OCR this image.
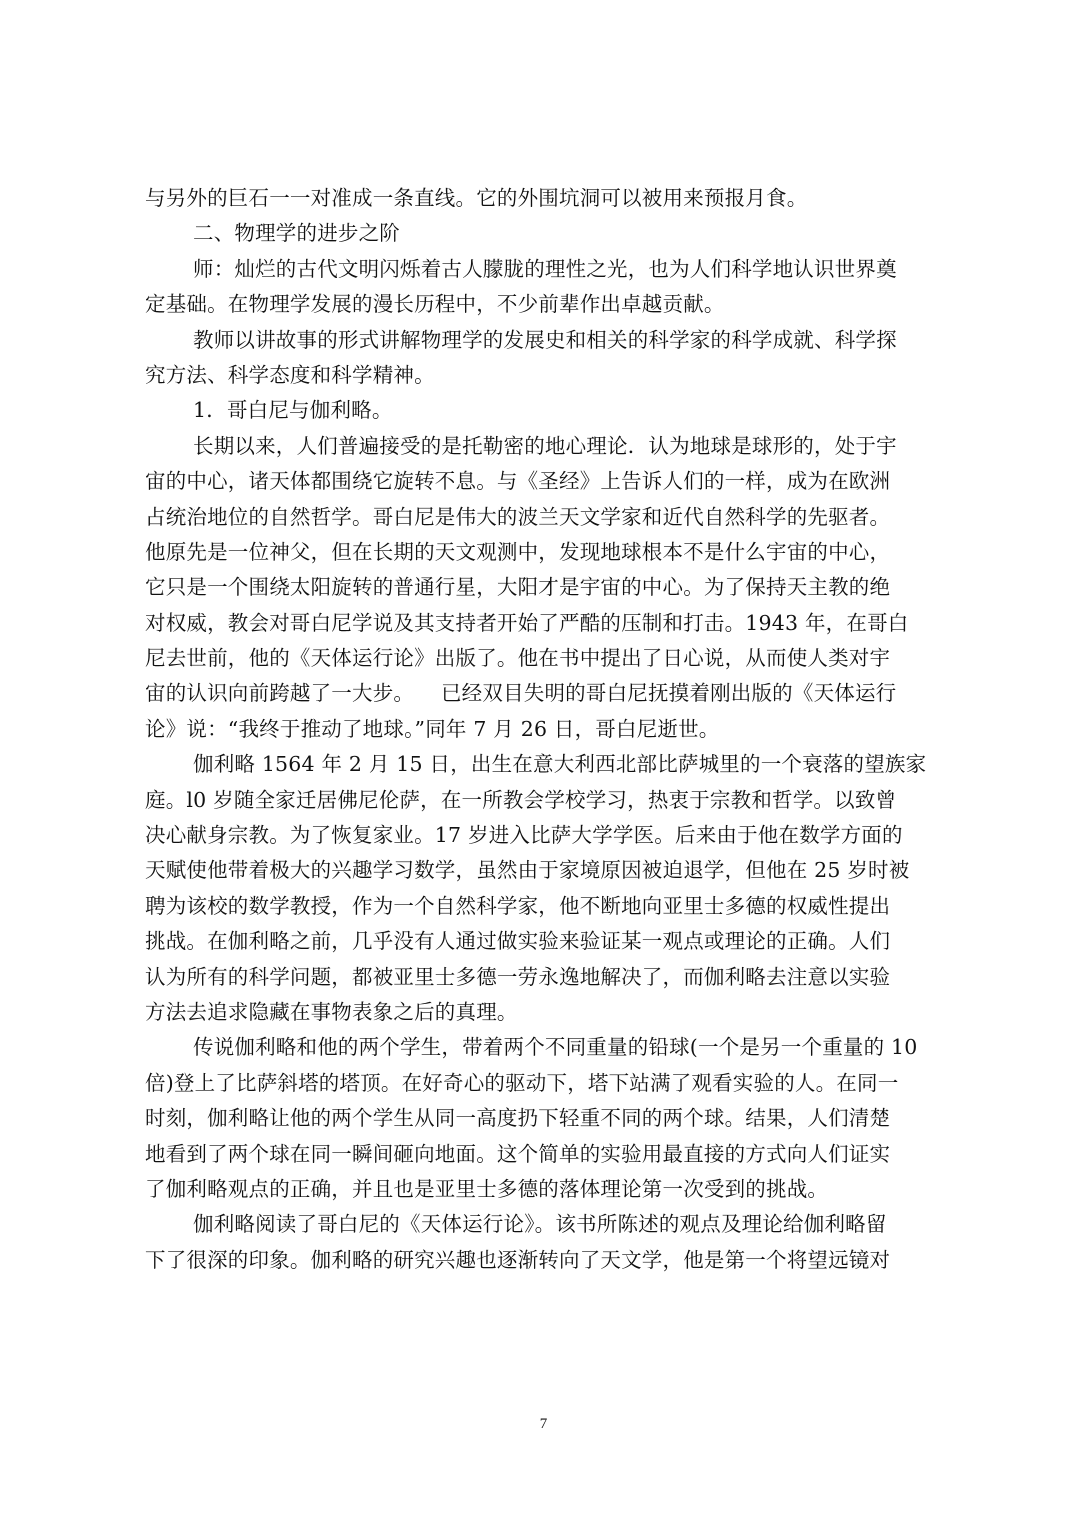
与另外的巨石一一对准成一条直线。它的外围坑洞可以被用来预报月食。
二、物理学的进步之阶
师：灿烂的古代文明闪烁着古人朦胧的理性之光，也为人们科学地认识世界奠
定基础。在物理学发展的漫长历程中，不少前辈作出卓越贡献。
教师以讲故事的形式讲解物理学的发展史和相关的科学家的科学成就、科学探
究方法、科学态度和科学精神。
1．哥白尼与伽利略。
长期以来，人们普遍接受的是托勒密的地心理论．认为地球是球形的，处于宇
宙的中心，诸天体都围绕它旋转不息。与《圣经》上告诉人们的一样，成为在欧洲
占统治地位的自然哲学。哥白尼是伟大的波兰天文学家和近代自然科学的先驱者。
他原先是一位神父，但在长期的天文观测中，发现地球根本不是什么宇宙的中心，
它只是一个围绕太阳旋转的普通行星，大阳才是宇宙的中心。为了保持天主教的绝
对权威，教会对哥白尼学说及其支持者开始了严酷的压制和打击。1943 年，在哥白
尼去世前，他的《天体运行论》出版了。他在书中提出了日心说，从而使人类对宇
宙的认识向前跨越了一大步。    已经双目失明的哥白尼抚摸着刚出版的《天体运行
论》说：“我终于推动了地球。”同年 7 月 26 日，哥白尼逝世。
伽利略 1564 年 2 月 15 日，出生在意大利西北部比萨城里的一个衰落的望族家
庭。l0 岁随全家迁居佛尼伦萨，在一所教会学校学习，热衷于宗教和哲学。以致曾
决心献身宗教。为了恢复家业。17 岁进入比萨大学学医。后来由于他在数学方面的
天赋使他带着极大的兴趣学习数学，虽然由于家境原因被迫退学，但他在 25 岁时被
聘为该校的数学教授，作为一个自然科学家，他不断地向亚里士多德的权威性提出
挑战。在伽利略之前，几乎没有人通过做实验来验证某一观点或理论的正确。人们
认为所有的科学问题，都被亚里士多德一劳永逸地解决了，而伽利略去注意以实验
方法去追求隐藏在事物表象之后的真理。
传说伽利略和他的两个学生，带着两个不同重量的铅球(一个是另一个重量的 10
倍)登上了比萨斜塔的塔顶。在好奇心的驱动下，塔下站满了观看实验的人。在同一
时刻，伽利略让他的两个学生从同一高度扔下轻重不同的两个球。结果，人们清楚
地看到了两个球在同一瞬间砸向地面。这个简单的实验用最直接的方式向人们证实
了伽利略观点的正确，并且也是亚里士多德的落体理论第一次受到的挑战。
伽利略阅读了哥白尼的《天体运行论》。该书所陈述的观点及理论给伽利略留
下了很深的印象。伽利略的研究兴趣也逐渐转向了天文学，他是第一个将望远镜对
7
